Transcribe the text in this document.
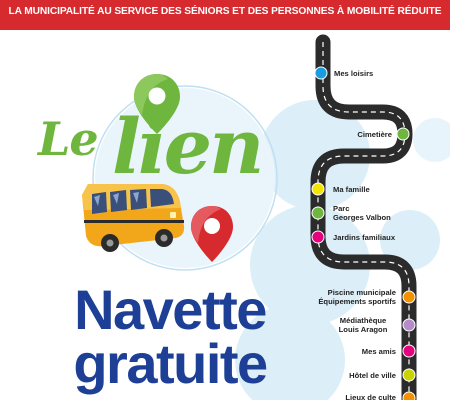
LA MUNICIPALITÉ AU SERVICE DES SÉNIORS ET DES PERSONNES À MOBILITÉ RÉDUITE
Le lien
Navette
gratuite
Mes loisirs
Cimetière
Ma famille
Parc
Georges Valbon
Jardins familiaux
Piscine municipale
Équipements sportifs
Médiathèque
Louis Aragon
Mes amis
Hôtel de ville
Lieux de culte
